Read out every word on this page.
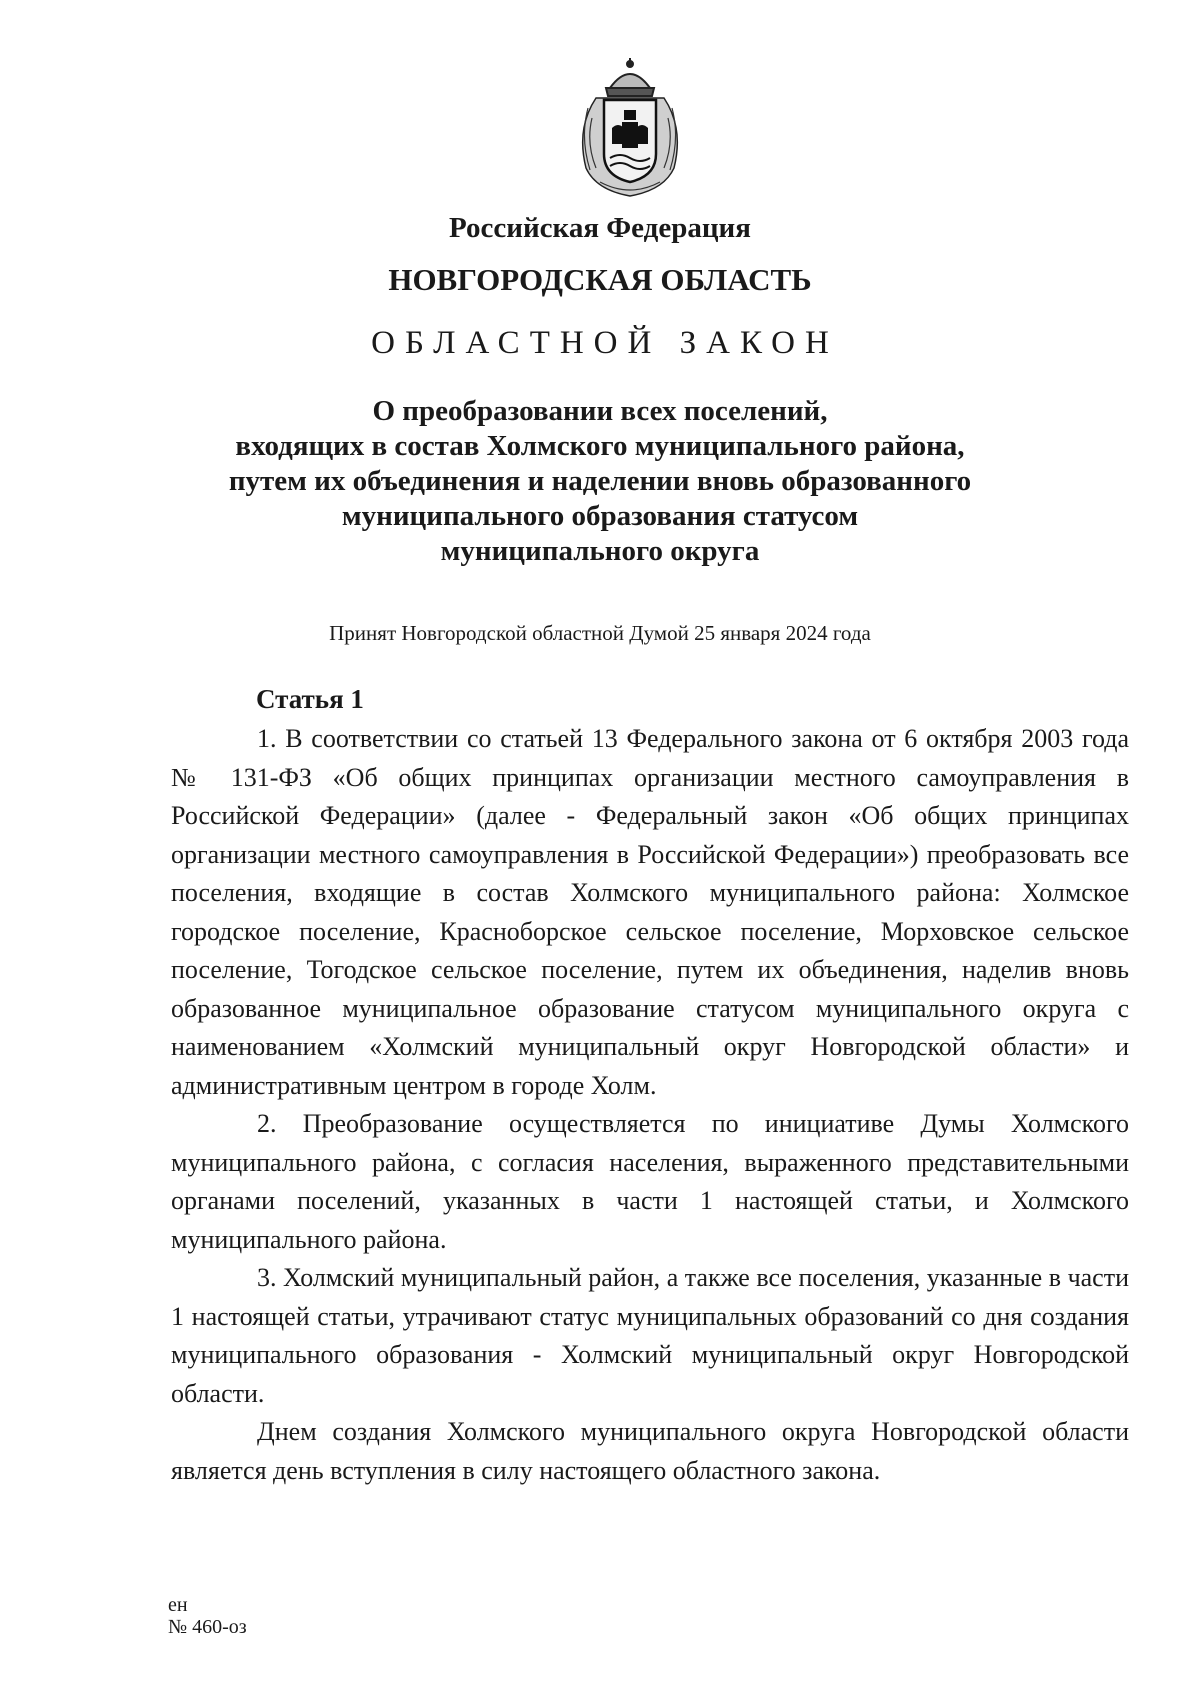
Российская Федерация
НОВГОРОДСКАЯ ОБЛАСТЬ
ОБЛАСТНОЙ ЗАКОН
О преобразовании всех поселений,
входящих в состав Холмского муниципального района,
путем их объединения и наделении вновь образованного
муниципального образования статусом
муниципального округа
Принят Новгородской областной Думой 25 января 2024 года
Статья 1

1. В соответствии со статьей 13 Федерального закона от 6 октября 2003 года № 131-ФЗ «Об общих принципах организации местного самоуправления в Российской Федерации» (далее - Федеральный закон «Об общих принципах организации местного самоуправления в Российской Федерации») преобразовать все поселения, входящие в состав Холмского муниципального района: Холмское городское поселение, Красноборское сельское поселение, Морховское сельское поселение, Тогодское сельское поселение, путем их объединения, наделив вновь образованное муниципальное образование статусом муниципального округа с наименованием «Холмский муниципальный округ Новгородской области» и административным центром в городе Холм.

2. Преобразование осуществляется по инициативе Думы Холмского муниципального района, с согласия населения, выраженного представительными органами поселений, указанных в части 1 настоящей статьи, и Холмского муниципального района.

3. Холмский муниципальный район, а также все поселения, указанные в части 1 настоящей статьи, утрачивают статус муниципальных образований со дня создания муниципального образования - Холмский муниципальный округ Новгородской области.

Днем создания Холмского муниципального округа Новгородской области является день вступления в силу настоящего областного закона.

ен
№ 460-оз
